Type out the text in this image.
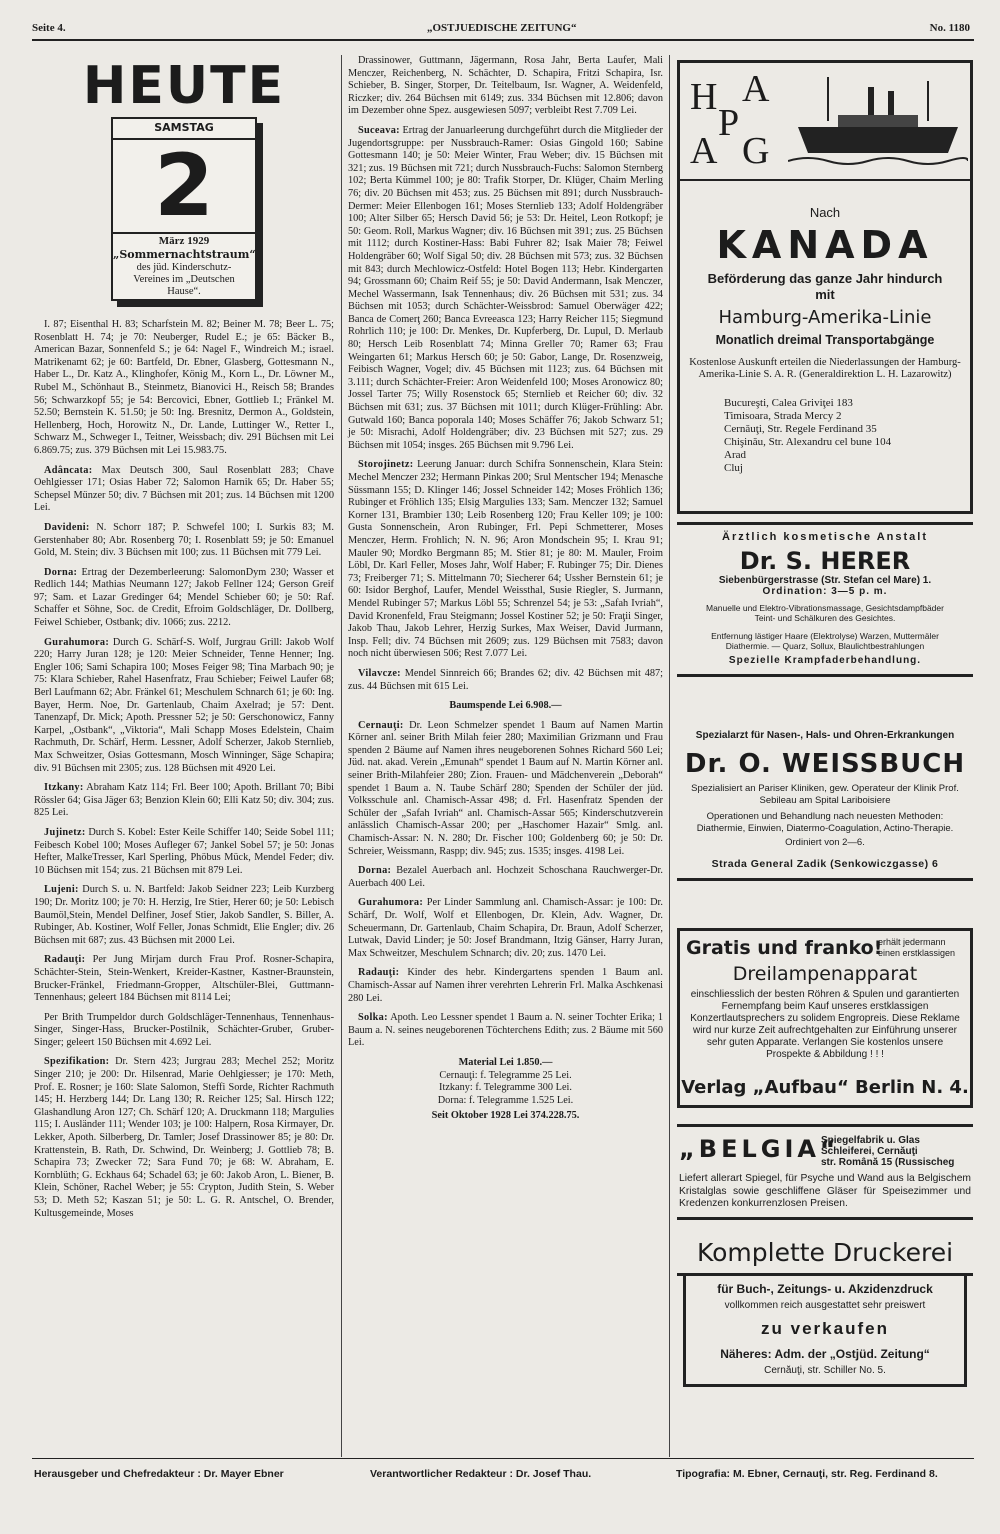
Seite 4.	„OSTJUEDISCHE ZEITUNG“	No. 1180
HEUTE
SAMSTAG
2
März 1929
„Sommernachtstraum“
des jüd. Kinderschutz-Vereines im „Deutschen Hause“.

I. 87; Eisenthal H. 83; Scharfstein M. 82; Beiner M. 78; Beer L. 75; Rosenblatt H. 74; je 70: Neuberger, Rudel E.; je 65: Bäcker B., American Bazar, Sonnenfeld S.; je 64: Nagel F., Windreich M.; israel. Matrikenamt 62; je 60: Bartfeld, Dr. Ebner, Glasberg, Gottesmann N., Haber L., Dr. Katz A., Klinghofer, König M., Korn L., Dr. Löwner M., Rubel M., Schönhaut B., Steinmetz, Bianovici H., Reisch 58; Brandes 56; Schwarzkopf 55; je 54: Bercovici, Ebner, Gottlieb I.; Fränkel M. 52.50; Bernstein K. 51.50; je 50: Ing. Bresnitz, Dermon A., Goldstein, Hellenberg, Hoch, Horowitz N., Dr. Lande, Luttinger W., Retter I., Schwarz M., Schweger I., Teitner, Weissbach; div. 291 Büchsen mit Lei 6.869.75; zus. 379 Büchsen mit Lei 15.983.75.

Adâncata: Max Deutsch 300, Saul Rosenblatt 283; Chave Oehlgiesser 171; Osias Haber 72; Salomon Harnik 65; Dr. Haber 55; Schepsel Münzer 50; div. 7 Büchsen mit 201; zus. 14 Büchsen mit 1200 Lei.

Davideni: N. Schorr 187; P. Schwefel 100; I. Surkis 83; M. Gerstenhaber 80; Abr. Rosenberg 70; I. Rosenblatt 59; je 50: Emanuel Gold, M. Stein; div. 3 Büchsen mit 100; zus. 11 Büchsen mit 779 Lei.

Dorna: Ertrag der Dezemberleerung: SalomonDym 230; Wasser et Redlich 144; Mathias Neumann 127; Jakob Fellner 124; Gerson Greif 97; Sam. et Lazar Gredinger 64; Mendel Schieber 60; je 50: Raf. Schaffer et Söhne, Soc. de Credit, Efroim Goldschläger, Dr. Dollberg, Feiwel Schieber, Ostbank; div. 1066; zus. 2212.

Gurahumora: Durch G. Schärf-S. Wolf, Jurgrau Grill: Jakob Wolf 220; Harry Juran 128; je 120: Meier Schneider, Tenne Henner; Ing. Engler 106; Sami Schapira 100; Moses Feiger 98; Tina Marbach 90; je 75: Klara Schieber, Rahel Hasenfratz, Frau Schieber; Feiwel Laufer 68; Berl Laufmann 62; Abr. Fränkel 61; Meschulem Schnarch 61; je 60: Ing. Bayer, Herm. Noe, Dr. Gartenlaub, Chaim Axelrad; je 57: Dent. Tanenzapf, Dr. Mick; Apoth. Pressner 52; je 50: Gerschonowicz, Fanny Karpel, „Ostbank“, „Viktoria“, Mali Schapp Moses Edelstein, Chaim Rachmuth, Dr. Schärf, Herm. Lessner, Adolf Scherzer, Jakob Sternlieb, Max Schweitzer, Osias Gottesmann, Mosch Winninger, Säge Schapira; div. 91 Büchsen mit 2305; zus. 128 Büchsen mit 4920 Lei.

Itzkany: Abraham Katz 114; Frl. Beer 100; Apoth. Brillant 70; Bibi Rössler 64; Gisa Jäger 63; Benzion Klein 60; Elli Katz 50; div. 304; zus. 825 Lei.

Jujinetz: Durch S. Kobel: Ester Keile Schiffer 140; Seide Sobel 111; Feibesch Kobel 100; Moses Aufleger 67; Jankel Sobel 57; je 50: Jonas Hefter, MalkeTresser, Karl Sperling, Phöbus Mück, Mendel Feder; div. 10 Büchsen mit 154; zus. 21 Büchsen mit 879 Lei.

Lujeni: Durch S. u. N. Bartfeld: Jakob Seidner 223; Leib Kurzberg 190; Dr. Moritz 100; je 70: H. Herzig, Ire Stier, Herer 60; je 50: Lebisch Baumöl,Stein, Mendel Delfiner, Josef Stier, Jakob Sandler, S. Biller, A. Rubinger, Ab. Kostiner, Wolf Feller, Jonas Schmidt, Elie Engler; div. 26 Büchsen mit 687; zus. 43 Büchsen mit 2000 Lei.

Radauţi: Per Jung Mirjam durch Frau Prof. Rosner-Schapira, Schächter-Stein, Stein-Wenkert, Kreider-Kastner, Kastner-Braunstein, Brucker-Fränkel, Friedmann-Gropper, Altschüler-Blei, Guttmann-Tennenhaus; geleert 184 Büchsen mit 8114 Lei;

Per Brith Trumpeldor durch Goldschläger-Tennenhaus, Tennenhaus-Singer, Singer-Hass, Brucker-Postilnik, Schächter-Gruber, Gruber-Singer; geleert 150 Büchsen mit 4.692 Lei.

Spezifikation: Dr. Stern 423; Jurgrau 283; Mechel 252; Moritz Singer 210; je 200: Dr. Hilsenrad, Marie Oehlgiesser; je 170: Meth, Prof. E. Rosner; je 160: Slate Salomon, Steffi Sorde, Richter Rachmuth 145; H. Herzberg 144; Dr. Lang 130; R. Reicher 125; Sal. Hirsch 122; Glashandlung Aron 127; Ch. Schärf 120; A. Druckmann 118; Margulies 115; I. Ausländer 111; Wender 103; je 100: Halpern, Rosa Kirmayer, Dr. Lekker, Apoth. Silberberg, Dr. Tamler; Josef Drassinower 85; je 80: Dr. Krattenstein, B. Rath, Dr. Schwind, Dr. Weinberg; J. Gottlieb 78; B. Schapira 73; Zwecker 72; Sara Fund 70; je 68: W. Abraham, E. Kornblüth; G. Eckhaus 64; Schadel 63; je 60: Jakob Aron, L. Biener, B. Klein, Schöner, Rachel Weber; je 55: Crypton, Judith Stein, S. Weber 53; D. Meth 52; Kaszan 51; je 50: L. G. R. Antschel, O. Brender, Kultusgemeinde, Moses

Drassinower, Guttmann, Jägermann, Rosa Jahr, Berta Laufer, Mali Menczer, Reichenberg, N. Schächter, D. Schapira, Fritzi Schapira, Isr. Schieber, B. Singer, Storper, Dr. Teitelbaum, Isr. Wagner, A. Weidenfeld, Riczker; div. 264 Büchsen mit 6149; zus. 334 Büchsen mit 12.806; davon im Dezember ohne Spez. ausgewiesen 5097; verbleibt Rest 7.709 Lei.

Suceava: Ertrag der Januarleerung durchgeführt durch die Mitglieder der Jugendortsgruppe: per Nussbrauch-Ramer: Osias Gingold 160; Sabine Gottesmann 140; je 50: Meier Winter, Frau Weber; div. 15 Büchsen mit 321; zus. 19 Büchsen mit 721; durch Nussbrauch-Fuchs: Salomon Sternberg 102; Berta Kümmel 100; je 80: Trafik Storper, Dr. Klüger, Chaim Merling 76; div. 20 Büchsen mit 453; zus. 25 Büchsen mit 891; durch Nussbrauch-Dermer: Meier Ellenbogen 161; Moses Sternlieb 133; Adolf Holdengräber 100; Alter Silber 65; Hersch David 56; je 53: Dr. Heitel, Leon Rotkopf; je 50: Geom. Roll, Markus Wagner; div. 16 Büchsen mit 391; zus. 25 Büchsen mit 1112; durch Kostiner-Hass: Babi Fuhrer 82; Isak Maier 78; Feiwel Holdengräber 60; Wolf Sigal 50; div. 28 Büchsen mit 573; zus. 32 Büchsen mit 843; durch Mechlowicz-Ostfeld: Hotel Bogen 113; Hebr. Kindergarten 94; Grossmann 60; Chaim Reif 55; je 50: David Andermann, Isak Menczer, Mechel Wassermann, Isak Tennenhaus; div. 26 Büchsen mit 531; zus. 34 Büchsen mit 1053; durch Schächter-Weissbrod: Samuel Oberwäger 422; Banca de Comerţ 260; Banca Evreeasca 123; Harry Reicher 115; Siegmund Rohrlich 110; je 100: Dr. Menkes, Dr. Kupferberg, Dr. Lupul, D. Merlaub 80; Hersch Leib Rosenblatt 74; Minna Greller 70; Ramer 63; Frau Weingarten 61; Markus Hersch 60; je 50: Gabor, Lange, Dr. Rosenzweig, Feibisch Wagner, Vogel; div. 45 Büchsen mit 1123; zus. 64 Büchsen mit 3.111; durch Schächter-Freier: Aron Weidenfeld 100; Moses Aronowicz 80; Jossel Tarter 75; Willy Rosenstock 65; Sternlieb et Reicher 60; div. 32 Büchsen mit 631; zus. 37 Büchsen mit 1011; durch Klüger-Frühling: Abr. Gutwald 160; Banca poporala 140; Moses Schäffer 76; Jakob Schwarz 51; je 50: Misrachi, Adolf Holdengräber; div. 23 Büchsen mit 527; zus. 29 Büchsen mit 1054; insges. 265 Büchsen mit 9.796 Lei.

Storojinetz: Leerung Januar: durch Schifra Sonnenschein, Klara Stein: Mechel Menczer 232; Hermann Pinkas 200; Srul Mentscher 194; Menasche Süssmann 155; D. Klinger 146; Jossel Schneider 142; Moses Fröhlich 136; Rubinger et Fröhlich 135; Elsig Margulies 133; Sam. Menczer 132; Samuel Korner 131, Brambier 130; Leib Rosenberg 120; Frau Keller 109; je 100: Gusta Sonnenschein, Aron Rubinger, Frl. Pepi Schmetterer, Moses Menczer, Herm. Frohlich; N. N. 96; Aron Mondschein 95; I. Krau 91; Mauler 90; Mordko Bergmann 85; M. Stier 81; je 80: M. Mauler, Froim Löbl, Dr. Karl Feller, Moses Jahr, Wolf Haber; F. Rubinger 75; Dir. Dienes 73; Freiberger 71; S. Mittelmann 70; Siecherer 64; Ussher Bernstein 61; je 60: Isidor Berghof, Laufer, Mendel Weissthal, Susie Riegler, S. Jurmann, Mendel Rubinger 57; Markus Löbl 55; Schrenzel 54; je 53: „Safah Ivriah“, David Kronenfeld, Frau Steigmann; Jossel Kostiner 52; je 50: Fraţii Singer, Jakob Thau, Jakob Lehrer, Herzig Surkes, Max Weiser, David Jurmann, Insp. Fell; div. 74 Büchsen mit 2609; zus. 129 Büchsen mit 7583; davon noch nicht überwiesen 506; Rest 7.077 Lei.

Vilavcze: Mendel Sinnreich 66; Brandes 62; div. 42 Büchsen mit 487; zus. 44 Büchsen mit 615 Lei.

Baumspende Lei 6.908.—

Cernauţi: Dr. Leon Schmelzer spendet 1 Baum auf Namen Martin Körner anl. seiner Brith Milah feier 280; Maximilian Grizmann und Frau spenden 2 Bäume auf Namen ihres neugeborenen Sohnes Richard 560 Lei; Jüd. nat. akad. Verein „Emunah“ spendet 1 Baum auf N. Martin Körner anl. seiner Brith-Milahfeier 280; Zion. Frauen- und Mädchenverein „Deborah“ spendet 1 Baum a. N. Taube Schärf 280; Spenden der Schüler der jüd. Volksschule anl. Chamisch-Assar 498; d. Frl. Hasenfratz Spenden der Schüler der „Safah Ivriah“ anl. Chamisch-Assar 565; Kinderschutzverein anlässlich Chamisch-Assar 200; per „Haschomer Hazair“ Smlg. anl. Chamisch-Assar: N. N. 280; Dr. Fischer 100; Goldenberg 60; je 50: Dr. Schreier, Weissmann, Raspp; div. 945; zus. 1535; insges. 4198 Lei.

Dorna: Bezalel Auerbach anl. Hochzeit Schoschana Rauchwerger-Dr. Auerbach 400 Lei.

Gurahumora: Per Linder Sammlung anl. Chamisch-Assar: je 100: Dr. Schärf, Dr. Wolf, Wolf et Ellenbogen, Dr. Klein, Adv. Wagner, Dr. Scheuermann, Dr. Gartenlaub, Chaim Schapira, Dr. Braun, Adolf Scherzer, Lutwak, David Linder; je 50: Josef Brandmann, Itzig Gänser, Harry Juran, Max Schweitzer, Meschulem Schnarch; div. 20; zus. 1470 Lei.

Radauţi: Kinder des hebr. Kindergartens spenden 1 Baum anl. Chamisch-Assar auf Namen ihrer verehrten Lehrerin Frl. Malka Aschkenasi 280 Lei.

Solka: Apoth. Leo Lessner spendet 1 Baum a. N. seiner Tochter Erika; 1 Baum a. N. seines neugeborenen Töchterchens Edith; zus. 2 Bäume mit 560 Lei.

Material Lei 1.850.—
Cernauţi: f. Telegramme 25 Lei.
Itzkany: f. Telegramme 300 Lei.
Dorna: f. Telegramme 1.525 Lei.
Seit Oktober 1928 Lei 374.228.75.
H A
P
A G
Nach
KANADA
Beförderung das ganze Jahr hindurch
mit
Hamburg-Amerika-Linie
Monatlich dreimal Transportabgänge
Kostenlose Auskunft erteilen die Niederlassungen der Hamburg-Amerika-Linie S. A. R. (Generaldirektion L. H. Lazarowitz)
Bucureşti, Calea Griviţei 183
Timisoara, Strada Mercy 2
Cernăuţi, Str. Regele Ferdinand 35
Chişinău, Str. Alexandru cel bune 104
Arad
Cluj
Ärztlich kosmetische Anstalt
Dr. S. HERER
Siebenbürgerstrasse (Str. Stefan cel Mare) 1.
Ordination: 3—5 p. m.
Manuelle und Elektro-Vibrationsmassage, Gesichtsdampfbäder
Teint- und Schälkuren des Gesichtes.
Entfernung lästiger Haare (Elektrolyse) Warzen, Muttermäler
Diathermie. — Quarz, Sollux, Blaulichtbestrahlungen
Spezielle Krampfaderbehandlung.
Spezialarzt für Nasen-, Hals- und Ohren-Erkrankungen
Dr. O. WEISSBUCH
Spezialisiert an Pariser Kliniken, gew. Operateur der Klinik Prof. Sebileau am Spital Lariboisiere
Operationen und Behandlung nach neuesten Methoden: Diathermie, Einwien, Diatermo-Coagulation, Actino-Therapie.
Ordiniert von 2—6.
Strada General Zadik (Senkowiczgasse) 6
Gratis und franko!
erhält jedermann einen erstklassigen
Dreilampenapparat
einschliesslich der besten Röhren & Spulen und garantierten Fernempfang beim Kauf unseres erstklassigen Konzertlautsprechers zu solidem Engropreis. Diese Reklame wird nur kurze Zeit aufrechtgehalten zur Einführung unserer sehr guten Apparate. Verlangen Sie kostenlos unsere Prospekte & Abbildung ! ! !
Verlag „Aufbau“ Berlin N. 4.
„BELGIA“
Spiegelfabrik u. Glas
Schleiferei, Cernăuţi
str. Română 15 (Russischeg
Liefert allerart Spiegel, für Psyche und Wand aus la Belgischem Kristalglas sowie geschliffene Gläser für Speisezimmer und Kredenzen konkurrenzlosen Preisen.
Komplette Druckerei
für Buch-, Zeitungs- u. Akzidenzdruck
vollkommen reich ausgestattet sehr preiswert
zu verkaufen
Näheres: Adm. der „Ostjüd. Zeitung“
Cernăuţi, str. Schiller No. 5.
Herausgeber und Chefredakteur : Dr. Mayer Ebner	Verantwortlicher Redakteur : Dr. Josef Thau.	Tipografia: M. Ebner, Cernauţi, str. Reg. Ferdinand 8.
